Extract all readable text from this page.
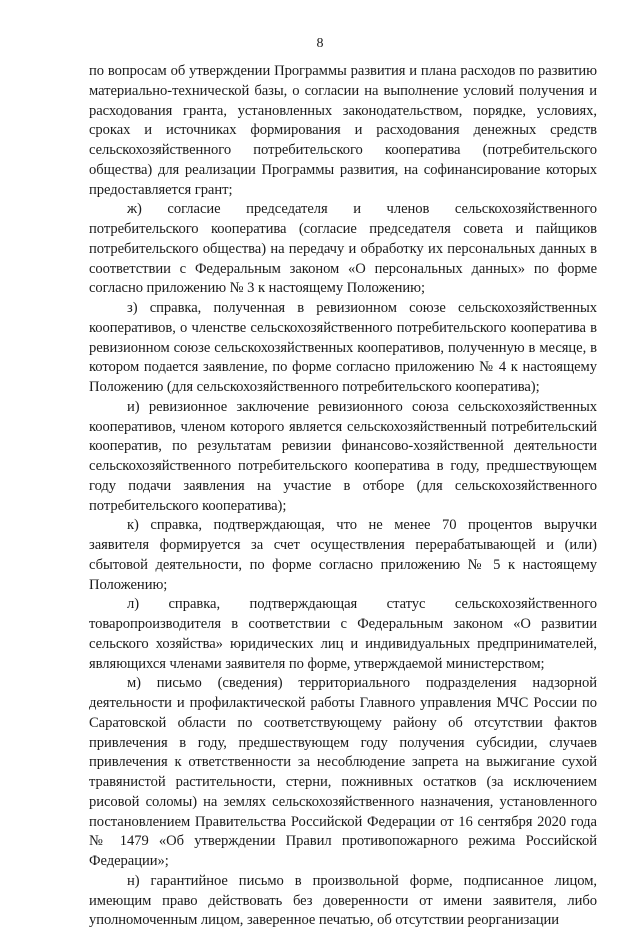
8

по вопросам об утверждении Программы развития и плана расходов по развитию материально-технической базы, о согласии на выполнение условий получения и расходования гранта, установленных законодательством, порядке, условиях, сроках и источниках формирования и расходования денежных средств сельскохозяйственного потребительского кооператива (потребительского общества) для реализации Программы развития, на софинансирование которых предоставляется грант;

ж) согласие председателя и членов сельскохозяйственного потребительского кооператива (согласие председателя совета и пайщиков потребительского общества) на передачу и обработку их персональных данных в соответствии с Федеральным законом «О персональных данных» по форме согласно приложению № 3 к настоящему Положению;

з) справка, полученная в ревизионном союзе сельскохозяйственных кооперативов, о членстве сельскохозяйственного потребительского кооператива в ревизионном союзе сельскохозяйственных кооперативов, полученную в месяце, в котором подается заявление, по форме согласно приложению № 4 к настоящему Положению (для сельскохозяйственного потребительского кооператива);

и) ревизионное заключение ревизионного союза сельскохозяйственных кооперативов, членом которого является сельскохозяйственный потребительский кооператив, по результатам ревизии финансово-хозяйственной деятельности сельскохозяйственного потребительского кооператива в году, предшествующем году подачи заявления на участие в отборе (для сельскохозяйственного потребительского кооператива);

к) справка, подтверждающая, что не менее 70 процентов выручки заявителя формируется за счет осуществления перерабатывающей и (или) сбытовой деятельности, по форме согласно приложению № 5 к настоящему Положению;

л) справка, подтверждающая статус сельскохозяйственного товаропроизводителя в соответствии с Федеральным законом «О развитии сельского хозяйства» юридических лиц и индивидуальных предпринимателей, являющихся членами заявителя по форме, утверждаемой министерством;

м) письмо (сведения) территориального подразделения надзорной деятельности и профилактической работы Главного управления МЧС России по Саратовской области по соответствующему району об отсутствии фактов привлечения в году, предшествующем году получения субсидии, случаев привлечения к ответственности за несоблюдение запрета на выжигание сухой травянистой растительности, стерни, пожнивных остатков (за исключением рисовой соломы) на землях сельскохозяйственного назначения, установленного постановлением Правительства Российской Федерации от 16 сентября 2020 года № 1479 «Об утверждении Правил противопожарного режима Российской Федерации»;

н) гарантийное письмо в произвольной форме, подписанное лицом, имеющим право действовать без доверенности от имени заявителя, либо уполномоченным лицом, заверенное печатью, об отсутствии реорганизации
